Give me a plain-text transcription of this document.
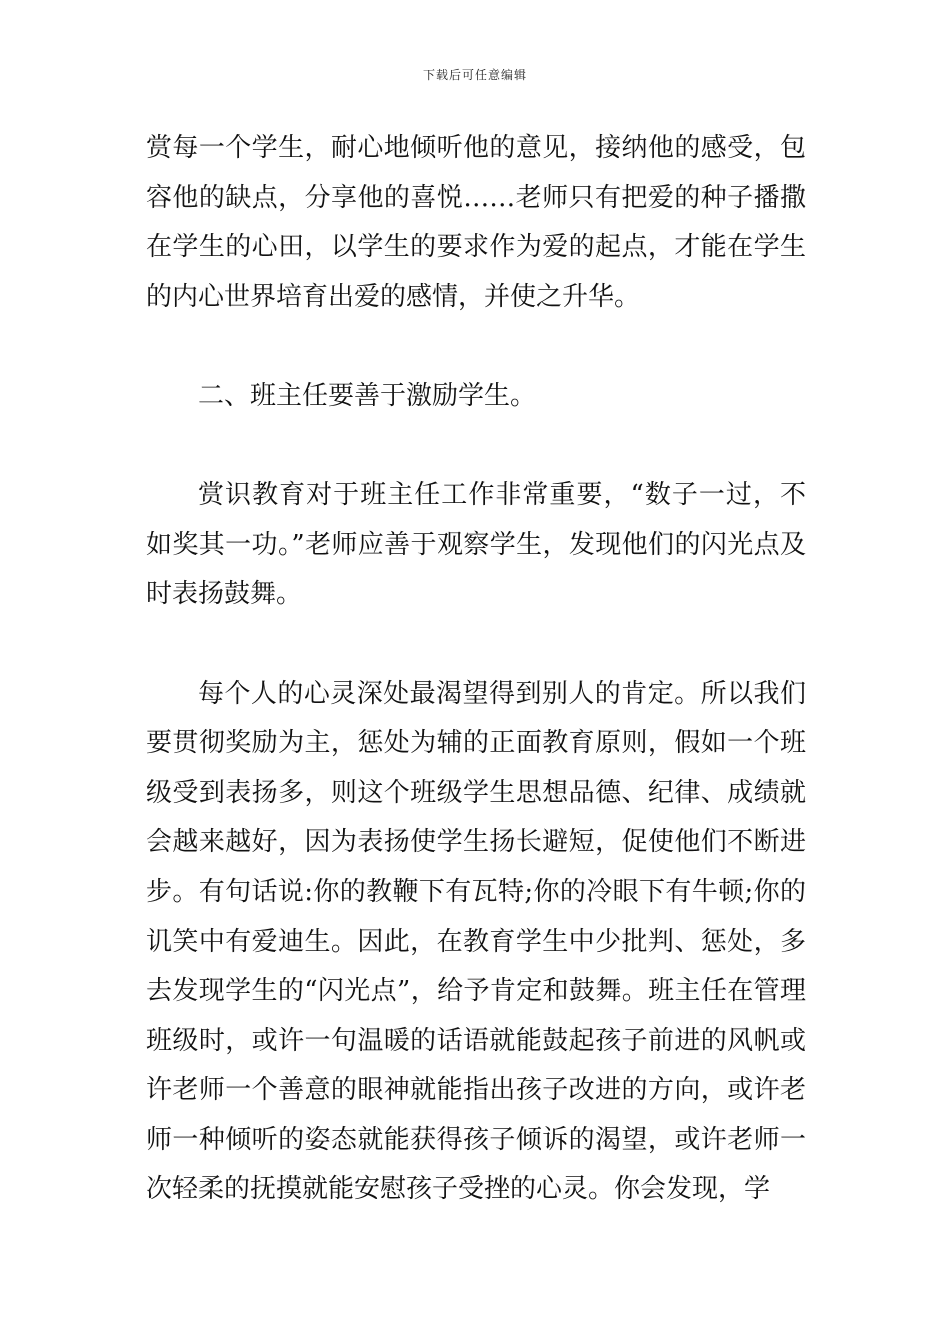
下载后可任意编辑

赏每一个学生，耐心地倾听他的意见，接纳他的感受，包容他的缺点，分享他的喜悦……老师只有把爱的种子播撒在学生的心田，以学生的要求作为爱的起点，才能在学生的内心世界培育出爱的感情，并使之升华。

二、班主任要善于激励学生。

赏识教育对于班主任工作非常重要，“数子一过，不如奖其一功。”老师应善于观察学生，发现他们的闪光点及时表扬鼓舞。

每个人的心灵深处最渴望得到别人的肯定。所以我们要贯彻奖励为主，惩处为辅的正面教育原则，假如一个班级受到表扬多，则这个班级学生思想品德、纪律、成绩就会越来越好，因为表扬使学生扬长避短，促使他们不断进步。有句话说:你的教鞭下有瓦特;你的冷眼下有牛顿;你的讥笑中有爱迪生。因此，在教育学生中少批判、惩处，多去发现学生的“闪光点”，给予肯定和鼓舞。班主任在管理班级时，或许一句温暖的话语就能鼓起孩子前进的风帆或许老师一个善意的眼神就能指出孩子改进的方向，或许老师一种倾听的姿态就能获得孩子倾诉的渴望，或许老师一次轻柔的抚摸就能安慰孩子受挫的心灵。你会发现，学
